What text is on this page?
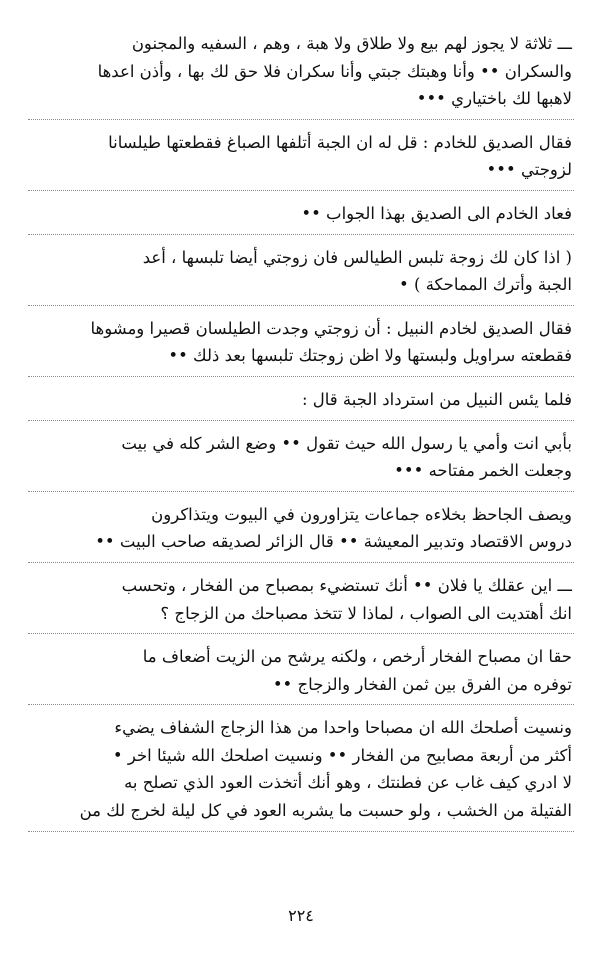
ـــ ثلاثة لا يجوز لهم بيع ولا طلاق ولا هبة ، وهم ، السفيه والمجنون
والسكران •• وأنا وهبتك جبتي وأنا سكران فلا حق لك بها ، وأذن اعدها
لاهبها لك باختياري •••

فقال الصديق للخادم : قل له ان الجبة أتلفها الصباغ فقطعتها طيلسانا
لزوجتي •••

فعاد الخادم الى الصديق بهذا الجواب ••

( اذا كان لك زوجة تلبس الطيالس فان زوجتي أيضا تلبسها ، أعد
الجبة وأترك المماحكة ) •

فقال الصديق لخادم النبيل : أن زوجتي وجدت الطيلسان قصيرا ومشوها
فقطعته سراويل ولبستها ولا اظن زوجتك تلبسها بعد ذلك ••

فلما يئس النبيل من استرداد الجبة قال :

بأبي انت وأمي يا رسول الله حيث تقول •• وضع الشر كله في بيت
وجعلت الخمر مفتاحه •••

ويصف الجاحظ بخلاءه جماعات يتزاورون في البيوت ويتذاكرون
دروس الاقتصاد وتدبير المعيشة •• قال الزائر لصديقه صاحب البيت ••

ـــ اين عقلك يا فلان •• أنك تستضيء بمصباح من الفخار ، وتحسب
انك أهتديت الى الصواب ، لماذا لا تتخذ مصباحك من الزجاج ؟

حقا ان مصباح الفخار أرخص ، ولكنه يرشح من الزيت أضعاف ما
توفره من الفرق بين ثمن الفخار والزجاج ••

ونسيت أصلحك الله ان مصباحا واحدا من هذا الزجاج الشفاف يضيء
أكثر من أربعة مصابيح من الفخار •• ونسيت اصلحك الله شيئا اخر •
لا ادري كيف غاب عن فطنتك ، وهو أنك أتخذت العود الذي تصلح به
الفتيلة من الخشب ، ولو حسبت ما يشربه العود في كل ليلة لخرج لك من

٢٢٤
